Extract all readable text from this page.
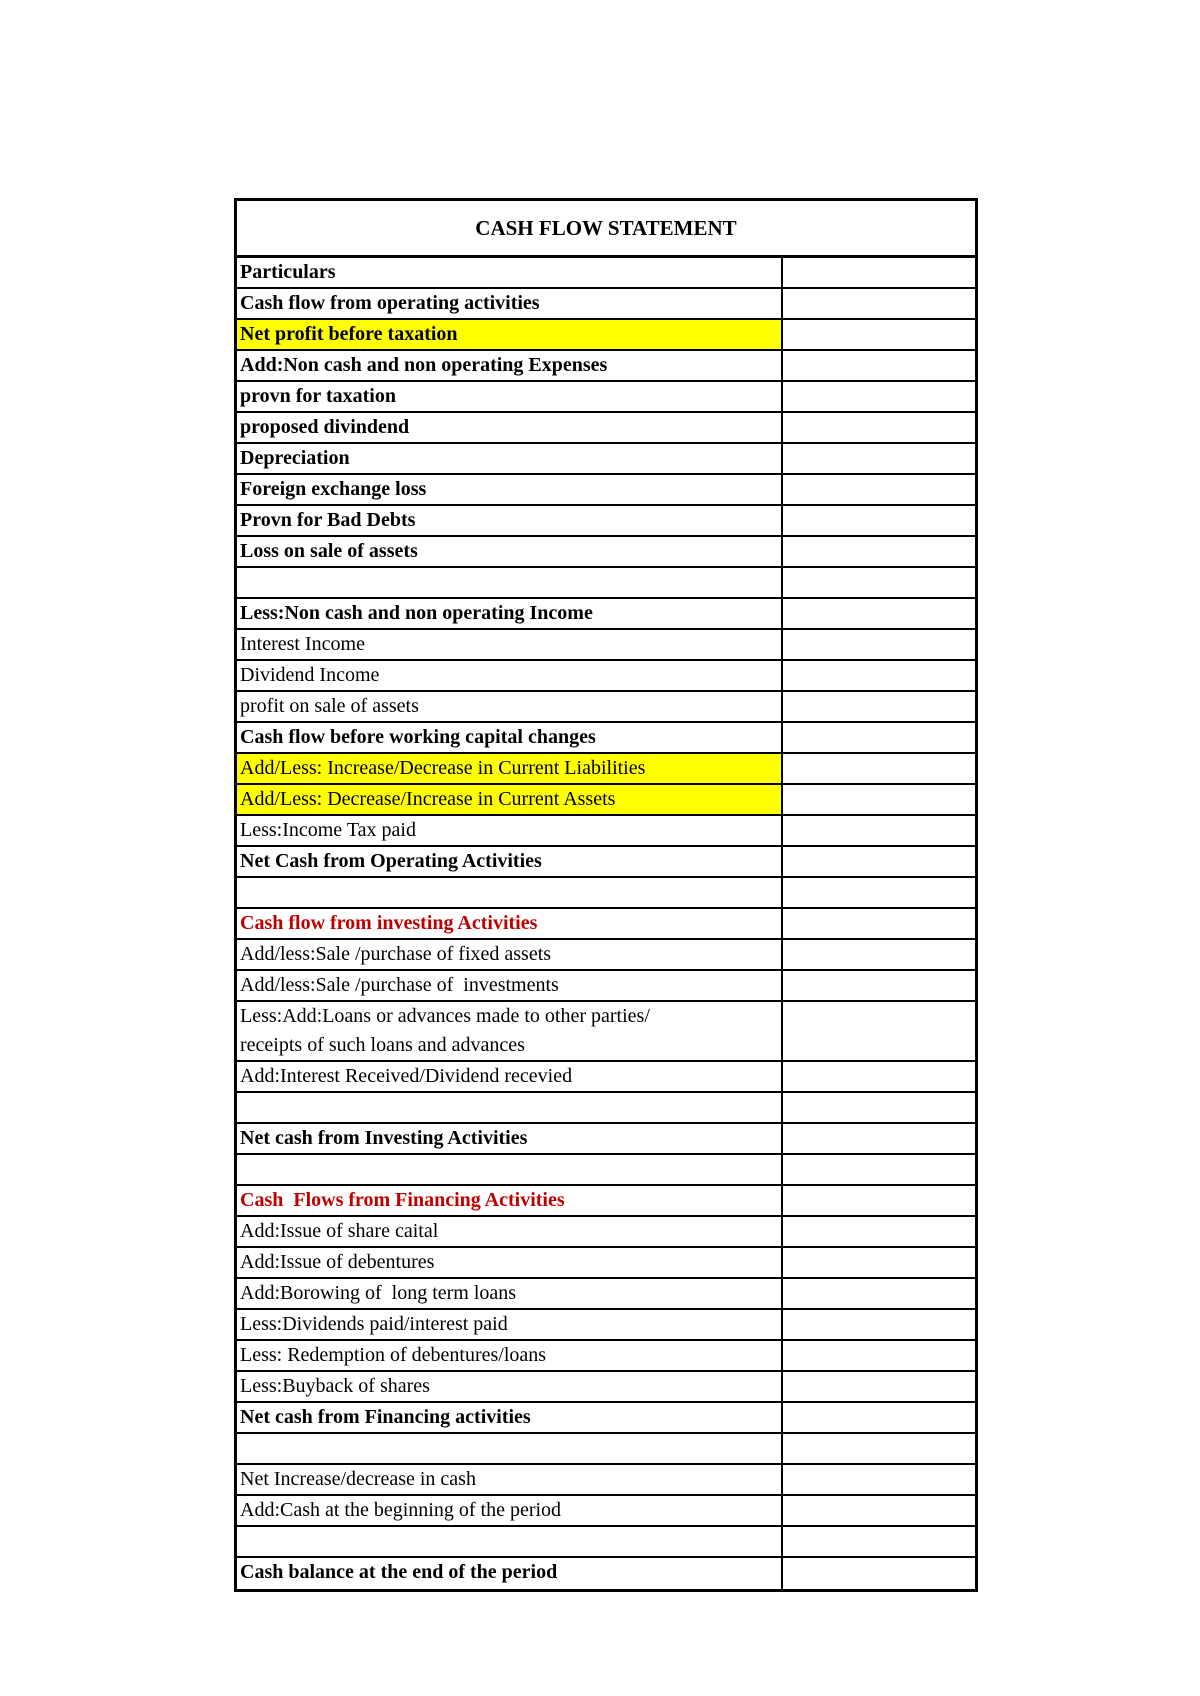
CASH FLOW STATEMENT
Particulars
Cash flow from operating activities
Net profit before taxation
Add:Non cash and non operating Expenses
provn for taxation
proposed divindend
Depreciation
Foreign exchange loss
Provn for Bad Debts
Loss on sale of assets
Less:Non cash and non operating Income
Interest Income
Dividend Income
profit on sale of assets
Cash flow before working capital changes
Add/Less: Increase/Decrease in Current Liabilities
Add/Less: Decrease/Increase in Current Assets
Less:Income Tax paid
Net Cash from Operating Activities
Cash flow from investing Activities
Add/less:Sale /purchase of fixed assets
Add/less:Sale /purchase of  investments
Less:Add:Loans or advances made to other parties/
receipts of such loans and advances
Add:Interest Received/Dividend recevied
Net cash from Investing Activities
Cash  Flows from Financing Activities
Add:Issue of share caital
Add:Issue of debentures
Add:Borowing of  long term loans
Less:Dividends paid/interest paid
Less: Redemption of debentures/loans
Less:Buyback of shares
Net cash from Financing activities
Net Increase/decrease in cash
Add:Cash at the beginning of the period
Cash balance at the end of the period
